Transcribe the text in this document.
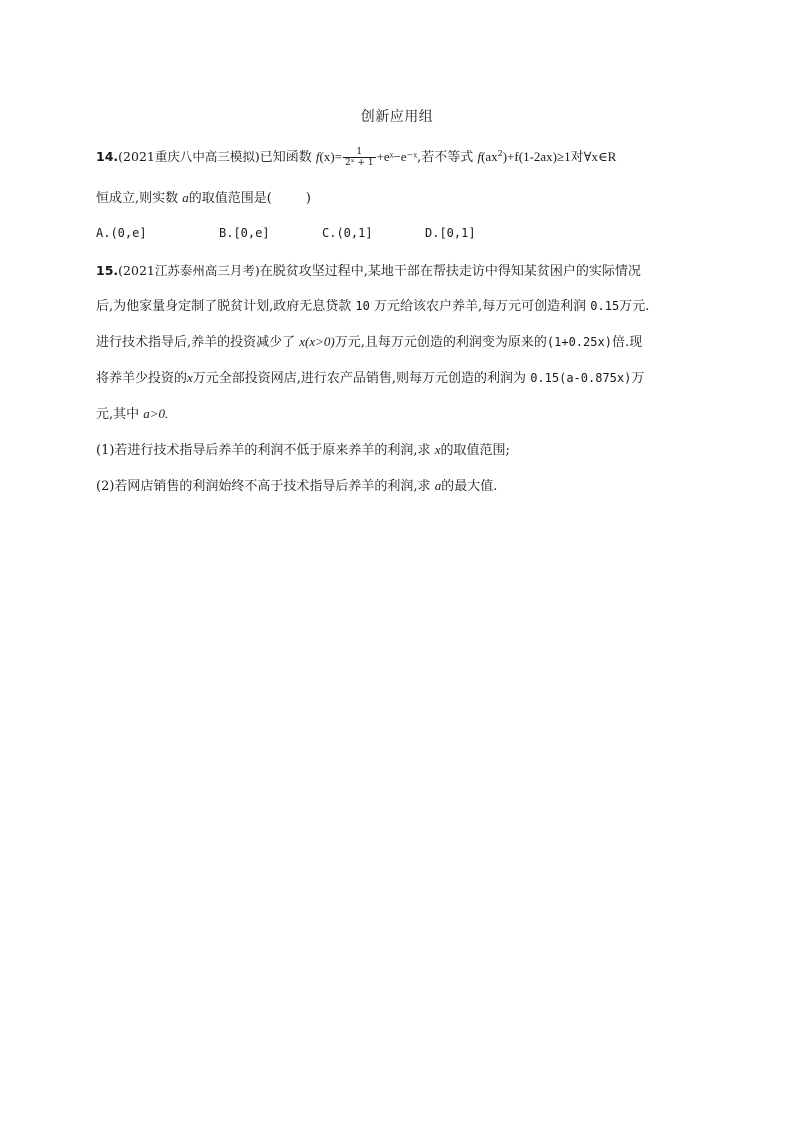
创新应用组
14.(2021重庆八中高三模拟)已知函数 $f(x)= \frac{1}{\text{2ˣ + 1}}$ +eˣ−e⁻ˣ,若不等式 $f(ax^2)+f(1-2ax)\ge 1$对∀x∈R
恒成立,则实数 a的取值范围是(	)
A.(0,e]	B.[0,e]	C.(0,1]	D.[0,1]
15.(2021江苏泰州高三月考)在脱贫攻坚过程中,某地干部在帮扶走访中得知某贫困户的实际情况
后,为他家量身定制了脱贫计划,政府无息贷款 10 万元给该农户养羊,每万元可创造利润 0.15万元.
进行技术指导后,养羊的投资减少了 x(x>0)万元,且每万元创造的利润变为原来的(1+0.25x)倍.现
将养羊少投资的x万元全部投资网店,进行农产品销售,则每万元创造的利润为 0.15(a-0.875x)万
元,其中 a>0.
(1)若进行技术指导后养羊的利润不低于原来养羊的利润,求 x的取值范围;
(2)若网店销售的利润始终不高于技术指导后养羊的利润,求 a的最大值.
